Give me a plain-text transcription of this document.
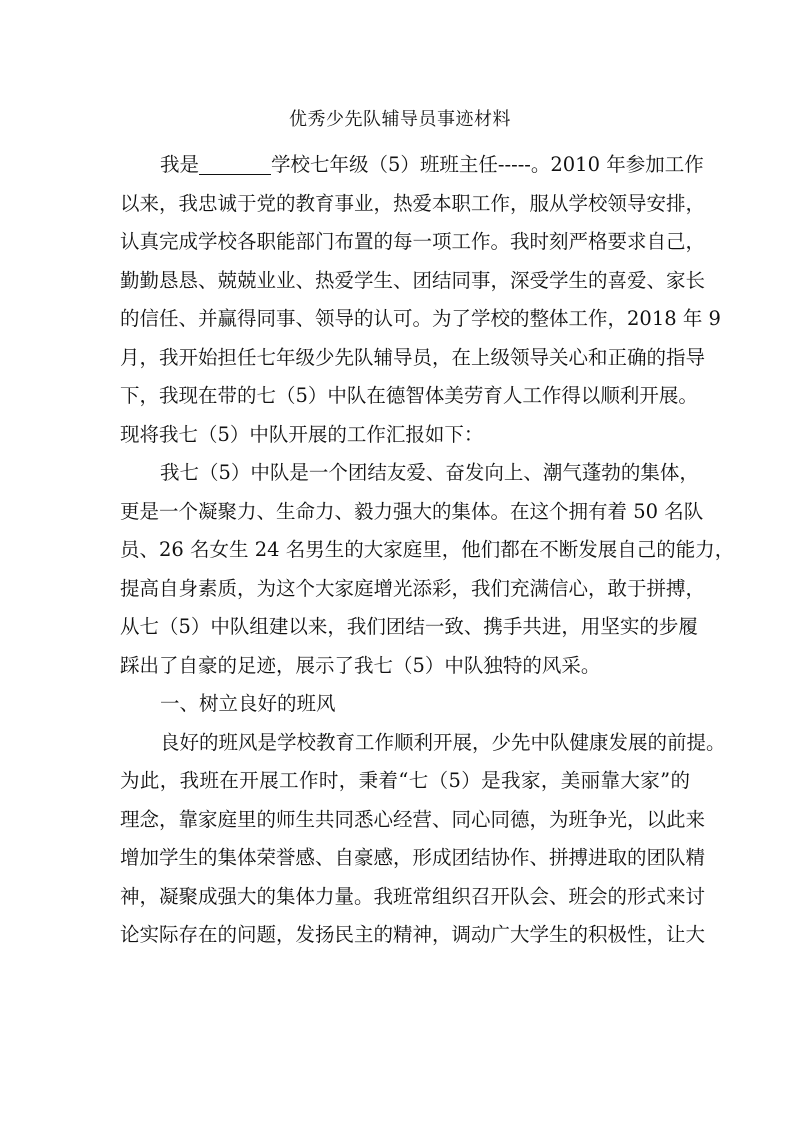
优秀少先队辅导员事迹材料
我是	学校七年级（5）班班主任-----。2010 年参加工作
以来，我忠诚于党的教育事业，热爱本职工作，服从学校领导安排，
认真完成学校各职能部门布置的每一项工作。我时刻严格要求自己，
勤勤恳恳、兢兢业业、热爱学生、团结同事，深受学生的喜爱、家长
的信任、并赢得同事、领导的认可。为了学校的整体工作，2018 年 9
月，我开始担任七年级少先队辅导员，在上级领导关心和正确的指导
下，我现在带的七（5）中队在德智体美劳育人工作得以顺利开展。
现将我七（5）中队开展的工作汇报如下：
我七（5）中队是一个团结友爱、奋发向上、潮气蓬勃的集体，
更是一个凝聚力、生命力、毅力强大的集体。在这个拥有着 50 名队
员、26 名女生 24 名男生的大家庭里，他们都在不断发展自己的能力，
提高自身素质，为这个大家庭增光添彩，我们充满信心，敢于拼搏，
从七（5）中队组建以来，我们团结一致、携手共进，用坚实的步履
踩出了自豪的足迹，展示了我七（5）中队独特的风采。
一、树立良好的班风
良好的班风是学校教育工作顺利开展，少先中队健康发展的前提。
为此，我班在开展工作时，秉着“七（5）是我家，美丽靠大家”的
理念，靠家庭里的师生共同悉心经营、同心同德，为班争光，以此来
增加学生的集体荣誉感、自豪感，形成团结协作、拼搏进取的团队精
神，凝聚成强大的集体力量。我班常组织召开队会、班会的形式来讨
论实际存在的问题，发扬民主的精神，调动广大学生的积极性，让大
